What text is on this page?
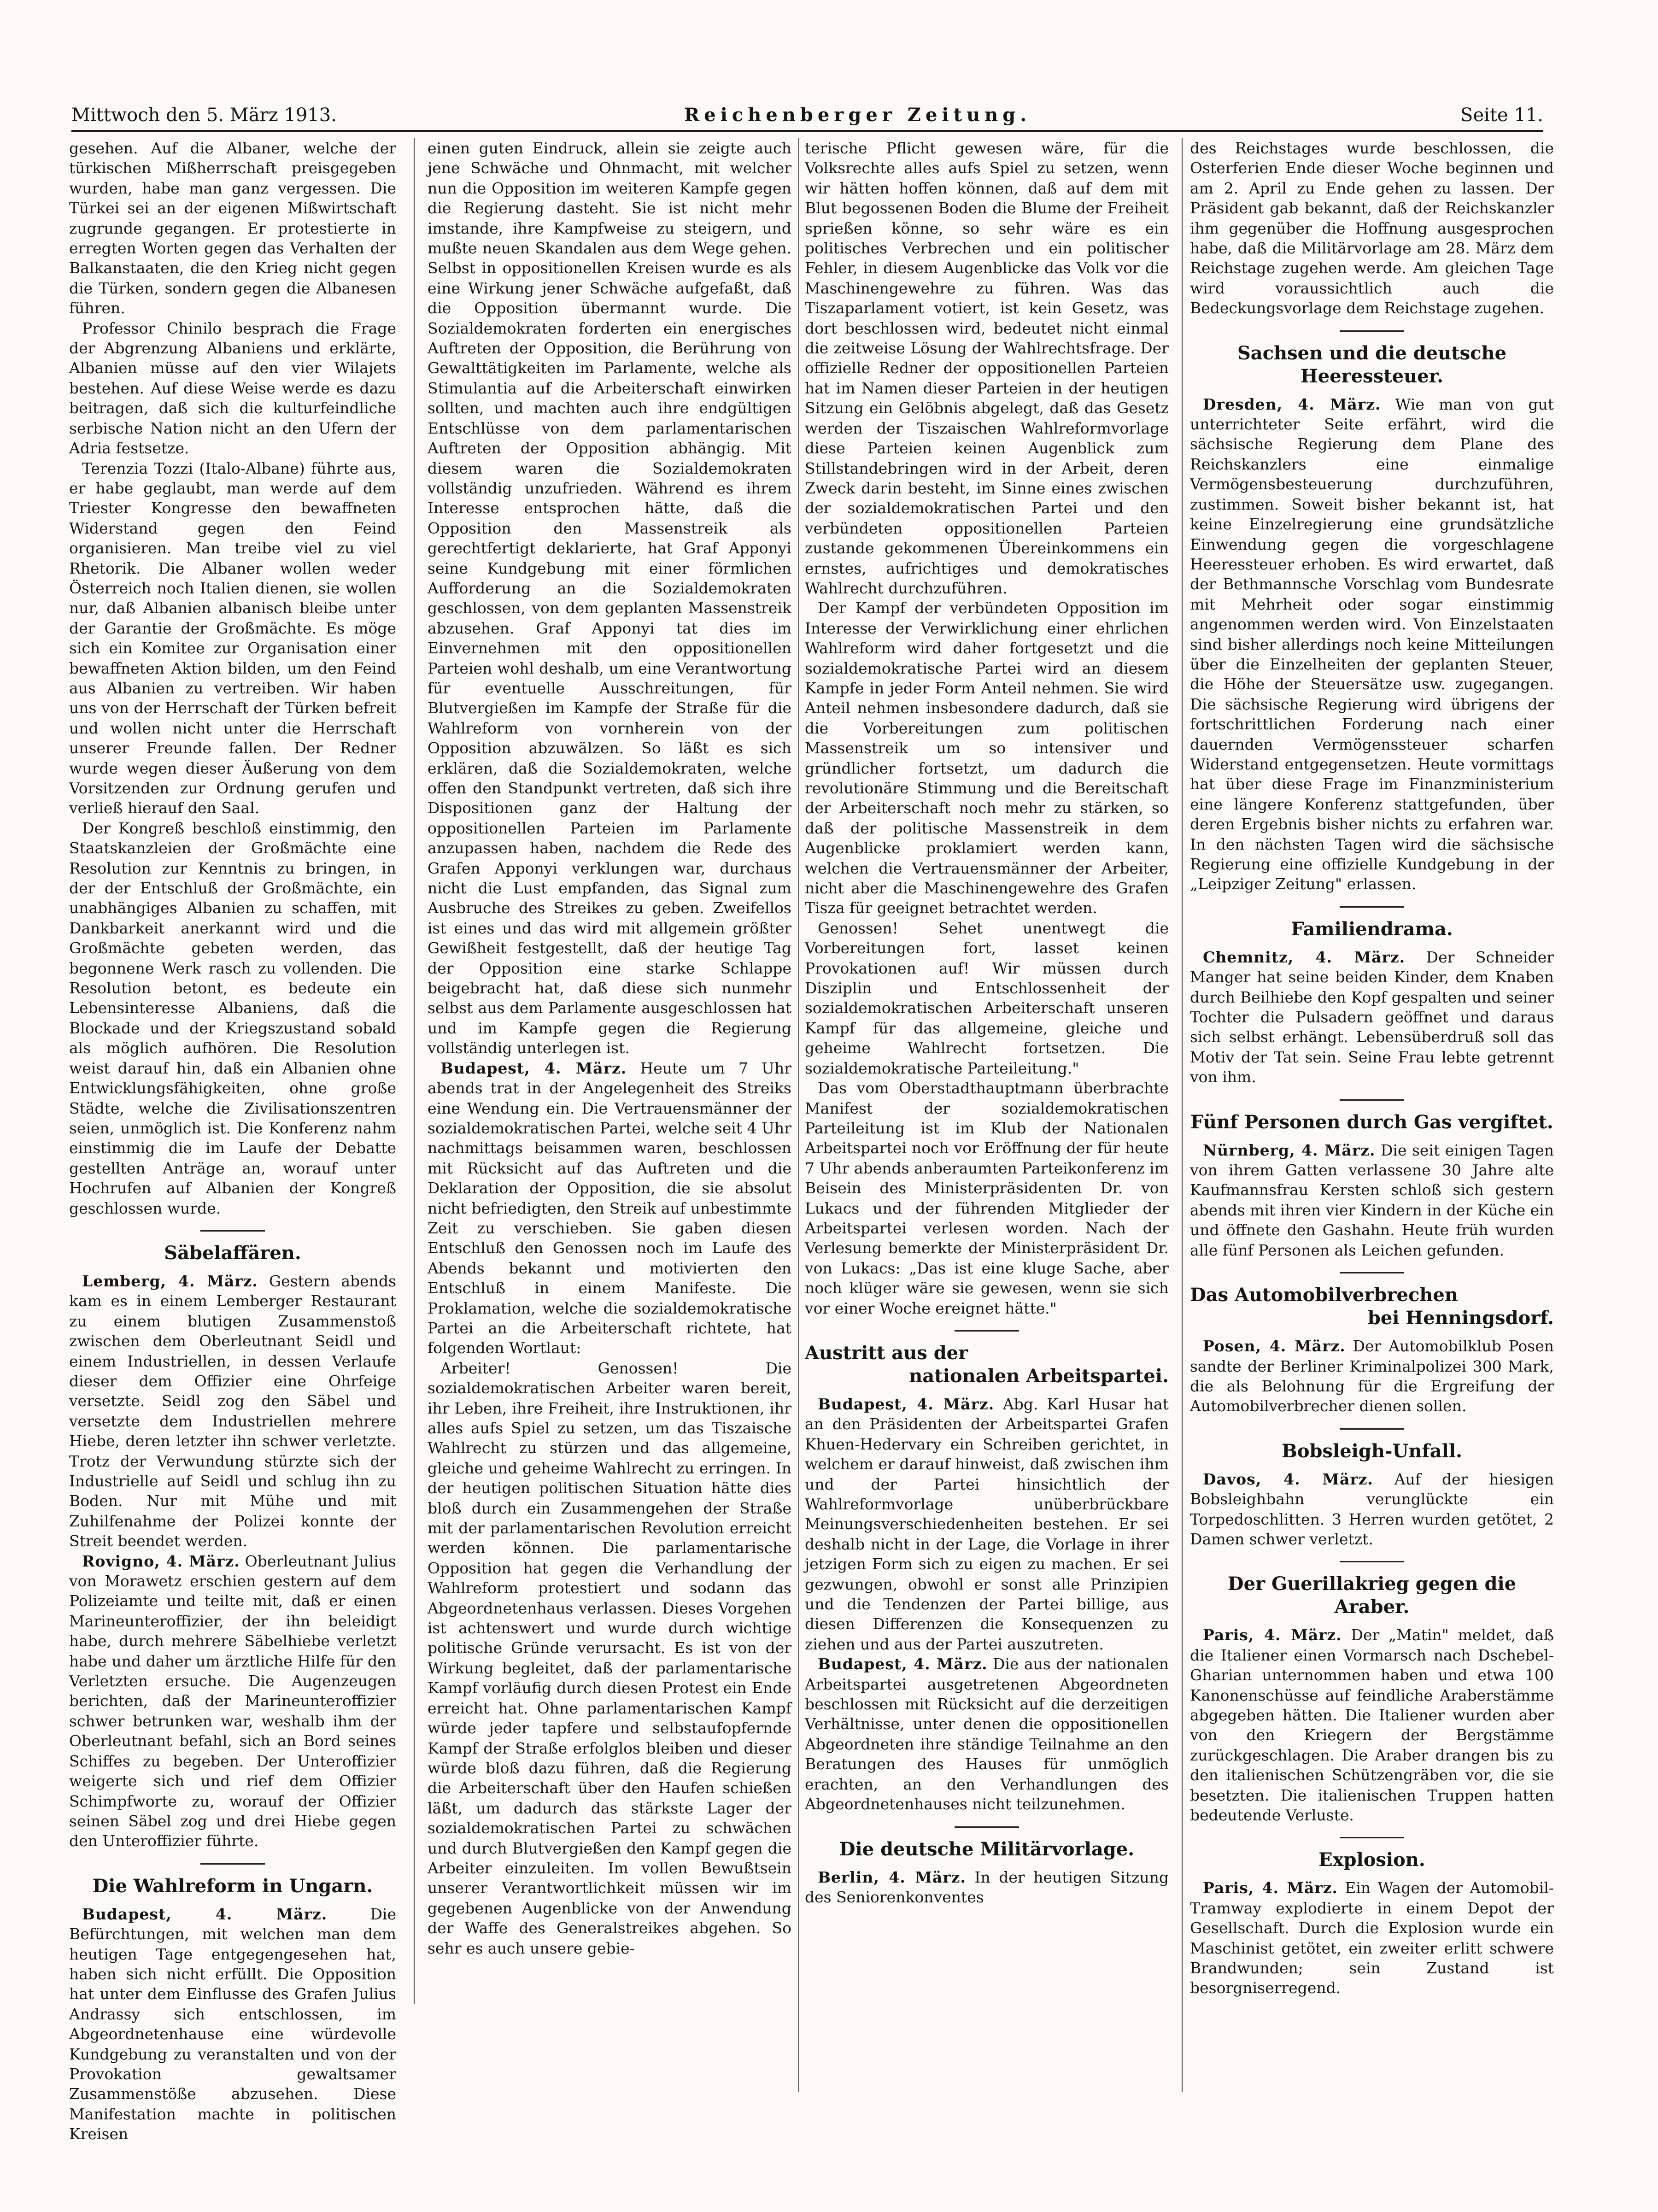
Mittwoch den 5. März 1913.	Reichenberger Zeitung.	Seite 11.

gesehen. Auf die Albaner, welche der türkischen Mißherrschaft preisgegeben wurden, habe man ganz vergessen. Die Türkei sei an der eigenen Mißwirtschaft zugrunde gegangen. Er protestierte in erregten Worten gegen das Verhalten der Balkanstaaten, die den Krieg nicht gegen die Türken, sondern gegen die Albanesen führen.

Professor Chinilo besprach die Frage der Abgrenzung Albaniens und erklärte, Albanien müsse auf den vier Wilajets bestehen. Auf diese Weise werde es dazu beitragen, daß sich die kulturfeindliche serbische Nation nicht an den Ufern der Adria festsetze.

Terenzia Tozzi (Italo-Albane) führte aus, er habe geglaubt, man werde auf dem Triester Kongresse den bewaffneten Widerstand gegen den Feind organisieren. Man treibe viel zu viel Rhetorik. Die Albaner wollen weder Österreich noch Italien dienen, sie wollen nur, daß Albanien albanisch bleibe unter der Garantie der Großmächte. Es möge sich ein Komitee zur Organisation einer bewaffneten Aktion bilden, um den Feind aus Albanien zu vertreiben. Wir haben uns von der Herrschaft der Türken befreit und wollen nicht unter die Herrschaft unserer Freunde fallen. Der Redner wurde wegen dieser Äußerung von dem Vorsitzenden zur Ordnung gerufen und verließ hierauf den Saal.

Der Kongreß beschloß einstimmig, den Staatskanzleien der Großmächte eine Resolution zur Kenntnis zu bringen, in der der Entschluß der Großmächte, ein unabhängiges Albanien zu schaffen, mit Dankbarkeit anerkannt wird und die Großmächte gebeten werden, das begonnene Werk rasch zu vollenden. Die Resolution betont, es bedeute ein Lebensinteresse Albaniens, daß die Blockade und der Kriegszustand sobald als möglich aufhören. Die Resolution weist darauf hin, daß ein Albanien ohne Entwicklungsfähigkeiten, ohne große Städte, welche die Zivilisationszentren seien, unmöglich ist. Die Konferenz nahm einstimmig die im Laufe der Debatte gestellten Anträge an, worauf unter Hochrufen auf Albanien der Kongreß geschlossen wurde.

Säbelaffären.

Lemberg, 4. März. Gestern abends kam es in einem Lemberger Restaurant zu einem blutigen Zusammenstoß zwischen dem Oberleutnant Seidl und einem Industriellen, in dessen Verlaufe dieser dem Offizier eine Ohrfeige versetzte. Seidl zog den Säbel und versetzte dem Industriellen mehrere Hiebe, deren letzter ihn schwer verletzte. Trotz der Verwundung stürzte sich der Industrielle auf Seidl und schlug ihn zu Boden. Nur mit Mühe und mit Zuhilfenahme der Polizei konnte der Streit beendet werden.

Rovigno, 4. März. Oberleutnant Julius von Morawetz erschien gestern auf dem Polizeiamte und teilte mit, daß er einen Marineunteroffizier, der ihn beleidigt habe, durch mehrere Säbelhiebe verletzt habe und daher um ärztliche Hilfe für den Verletzten ersuche. Die Augenzeugen berichten, daß der Marineunteroffizier schwer betrunken war, weshalb ihm der Oberleutnant befahl, sich an Bord seines Schiffes zu begeben. Der Unteroffizier weigerte sich und rief dem Offizier Schimpfworte zu, worauf der Offizier seinen Säbel zog und drei Hiebe gegen den Unteroffizier führte.

Die Wahlreform in Ungarn.

Budapest, 4. März. Die Befürchtungen, mit welchen man dem heutigen Tage entgegengesehen hat, haben sich nicht erfüllt. Die Opposition hat unter dem Einflusse des Grafen Julius Andrassy sich entschlossen, im Abgeordnetenhause eine würdevolle Kundgebung zu veranstalten und von der Provokation gewaltsamer Zusammenstöße abzusehen. Diese Manifestation machte in politischen Kreisen

einen guten Eindruck, allein sie zeigte auch jene Schwäche und Ohnmacht, mit welcher nun die Opposition im weiteren Kampfe gegen die Regierung dasteht. Sie ist nicht mehr imstande, ihre Kampfweise zu steigern, und mußte neuen Skandalen aus dem Wege gehen. Selbst in oppositionellen Kreisen wurde es als eine Wirkung jener Schwäche aufgefaßt, daß die Opposition übermannt wurde. Die Sozialdemokraten forderten ein energisches Auftreten der Opposition, die Berührung von Gewalttätigkeiten im Parlamente, welche als Stimulantia auf die Arbeiterschaft einwirken sollten, und machten auch ihre endgültigen Entschlüsse von dem parlamentarischen Auftreten der Opposition abhängig. Mit diesem waren die Sozialdemokraten vollständig unzufrieden. Während es ihrem Interesse entsprochen hätte, daß die Opposition den Massenstreik als gerechtfertigt deklarierte, hat Graf Apponyi seine Kundgebung mit einer förmlichen Aufforderung an die Sozialdemokraten geschlossen, von dem geplanten Massenstreik abzusehen. Graf Apponyi tat dies im Einvernehmen mit den oppositionellen Parteien wohl deshalb, um eine Verantwortung für eventuelle Ausschreitungen, für Blutvergießen im Kampfe der Straße für die Wahlreform von vornherein von der Opposition abzuwälzen. So läßt es sich erklären, daß die Sozialdemokraten, welche offen den Standpunkt vertreten, daß sich ihre Dispositionen ganz der Haltung der oppositionellen Parteien im Parlamente anzupassen haben, nachdem die Rede des Grafen Apponyi verklungen war, durchaus nicht die Lust empfanden, das Signal zum Ausbruche des Streikes zu geben. Zweifellos ist eines und das wird mit allgemein größter Gewißheit festgestellt, daß der heutige Tag der Opposition eine starke Schlappe beigebracht hat, daß diese sich nunmehr selbst aus dem Parlamente ausgeschlossen hat und im Kampfe gegen die Regierung vollständig unterlegen ist.

Budapest, 4. März. Heute um 7 Uhr abends trat in der Angelegenheit des Streiks eine Wendung ein. Die Vertrauensmänner der sozialdemokratischen Partei, welche seit 4 Uhr nachmittags beisammen waren, beschlossen mit Rücksicht auf das Auftreten und die Deklaration der Opposition, die sie absolut nicht befriedigten, den Streik auf unbestimmte Zeit zu verschieben. Sie gaben diesen Entschluß den Genossen noch im Laufe des Abends bekannt und motivierten den Entschluß in einem Manifeste. Die Proklamation, welche die sozialdemokratische Partei an die Arbeiterschaft richtete, hat folgenden Wortlaut:

Arbeiter! Genossen! Die sozialdemokratischen Arbeiter waren bereit, ihr Leben, ihre Freiheit, ihre Instruktionen, ihr alles aufs Spiel zu setzen, um das Tiszaische Wahlrecht zu stürzen und das allgemeine, gleiche und geheime Wahlrecht zu erringen. In der heutigen politischen Situation hätte dies bloß durch ein Zusammengehen der Straße mit der parlamentarischen Revolution erreicht werden können. Die parlamentarische Opposition hat gegen die Verhandlung der Wahlreform protestiert und sodann das Abgeordnetenhaus verlassen. Dieses Vorgehen ist achtenswert und wurde durch wichtige politische Gründe verursacht. Es ist von der Wirkung begleitet, daß der parlamentarische Kampf vorläufig durch diesen Protest ein Ende erreicht hat. Ohne parlamentarischen Kampf würde jeder tapfere und selbstaufopfernde Kampf der Straße erfolglos bleiben und dieser würde bloß dazu führen, daß die Regierung die Arbeiterschaft über den Haufen schießen läßt, um dadurch das stärkste Lager der sozialdemokratischen Partei zu schwächen und durch Blutvergießen den Kampf gegen die Arbeiter einzuleiten. Im vollen Bewußtsein unserer Verantwortlichkeit müssen wir im gegebenen Augenblicke von der Anwendung der Waffe des Generalstreikes abgehen. So sehr es auch unsere gebie-

terische Pflicht gewesen wäre, für die Volksrechte alles aufs Spiel zu setzen, wenn wir hätten hoffen können, daß auf dem mit Blut begossenen Boden die Blume der Freiheit sprießen könne, so sehr wäre es ein politisches Verbrechen und ein politischer Fehler, in diesem Augenblicke das Volk vor die Maschinengewehre zu führen. Was das Tiszaparlament votiert, ist kein Gesetz, was dort beschlossen wird, bedeutet nicht einmal die zeitweise Lösung der Wahlrechtsfrage. Der offizielle Redner der oppositionellen Parteien hat im Namen dieser Parteien in der heutigen Sitzung ein Gelöbnis abgelegt, daß das Gesetz werden der Tiszaischen Wahlreformvorlage diese Parteien keinen Augenblick zum Stillstandebringen wird in der Arbeit, deren Zweck darin besteht, im Sinne eines zwischen der sozialdemokratischen Partei und den verbündeten oppositionellen Parteien zustande gekommenen Übereinkommens ein ernstes, aufrichtiges und demokratisches Wahlrecht durchzuführen.

Der Kampf der verbündeten Opposition im Interesse der Verwirklichung einer ehrlichen Wahlreform wird daher fortgesetzt und die sozialdemokratische Partei wird an diesem Kampfe in jeder Form Anteil nehmen. Sie wird Anteil nehmen insbesondere dadurch, daß sie die Vorbereitungen zum politischen Massenstreik um so intensiver und gründlicher fortsetzt, um dadurch die revolutionäre Stimmung und die Bereitschaft der Arbeiterschaft noch mehr zu stärken, so daß der politische Massenstreik in dem Augenblicke proklamiert werden kann, welchen die Vertrauensmänner der Arbeiter, nicht aber die Maschinengewehre des Grafen Tisza für geeignet betrachtet werden.

Genossen! Sehet unentwegt die Vorbereitungen fort, lasset keinen Provokationen auf! Wir müssen durch Disziplin und Entschlossenheit der sozialdemokratischen Arbeiterschaft unseren Kampf für das allgemeine, gleiche und geheime Wahlrecht fortsetzen. Die sozialdemokratische Parteileitung."

Das vom Oberstadthauptmann überbrachte Manifest der sozialdemokratischen Parteileitung ist im Klub der Nationalen Arbeitspartei noch vor Eröffnung der für heute 7 Uhr abends anberaumten Parteikonferenz im Beisein des Ministerpräsidenten Dr. von Lukacs und der führenden Mitglieder der Arbeitspartei verlesen worden. Nach der Verlesung bemerkte der Ministerpräsident Dr. von Lukacs: „Das ist eine kluge Sache, aber noch klüger wäre sie gewesen, wenn sie sich vor einer Woche ereignet hätte."

Austritt aus der
nationalen Arbeitspartei.

Budapest, 4. März. Abg. Karl Husar hat an den Präsidenten der Arbeitspartei Grafen Khuen-Hedervary ein Schreiben gerichtet, in welchem er darauf hinweist, daß zwischen ihm und der Partei hinsichtlich der Wahlreformvorlage unüberbrückbare Meinungsverschiedenheiten bestehen. Er sei deshalb nicht in der Lage, die Vorlage in ihrer jetzigen Form sich zu eigen zu machen. Er sei gezwungen, obwohl er sonst alle Prinzipien und die Tendenzen der Partei billige, aus diesen Differenzen die Konsequenzen zu ziehen und aus der Partei auszutreten.

Budapest, 4. März. Die aus der nationalen Arbeitspartei ausgetretenen Abgeordneten beschlossen mit Rücksicht auf die derzeitigen Verhältnisse, unter denen die oppositionellen Abgeordneten ihre ständige Teilnahme an den Beratungen des Hauses für unmöglich erachten, an den Verhandlungen des Abgeordnetenhauses nicht teilzunehmen.

Die deutsche Militärvorlage.

Berlin, 4. März. In der heutigen Sitzung des Seniorenkonventes

des Reichstages wurde beschlossen, die Osterferien Ende dieser Woche beginnen und am 2. April zu Ende gehen zu lassen. Der Präsident gab bekannt, daß der Reichskanzler ihm gegenüber die Hoffnung ausgesprochen habe, daß die Militärvorlage am 28. März dem Reichstage zugehen werde. Am gleichen Tage wird voraussichtlich auch die Bedeckungsvorlage dem Reichstage zugehen.

Sachsen und die deutsche Heeressteuer.

Dresden, 4. März. Wie man von gut unterrichteter Seite erfährt, wird die sächsische Regierung dem Plane des Reichskanzlers eine einmalige Vermögensbesteuerung durchzuführen, zustimmen. Soweit bisher bekannt ist, hat keine Einzelregierung eine grundsätzliche Einwendung gegen die vorgeschlagene Heeressteuer erhoben. Es wird erwartet, daß der Bethmannsche Vorschlag vom Bundesrate mit Mehrheit oder sogar einstimmig angenommen werden wird. Von Einzelstaaten sind bisher allerdings noch keine Mitteilungen über die Einzelheiten der geplanten Steuer, die Höhe der Steuersätze usw. zugegangen. Die sächsische Regierung wird übrigens der fortschrittlichen Forderung nach einer dauernden Vermögenssteuer scharfen Widerstand entgegensetzen. Heute vormittags hat über diese Frage im Finanzministerium eine längere Konferenz stattgefunden, über deren Ergebnis bisher nichts zu erfahren war. In den nächsten Tagen wird die sächsische Regierung eine offizielle Kundgebung in der „Leipziger Zeitung" erlassen.

Familiendrama.

Chemnitz, 4. März. Der Schneider Manger hat seine beiden Kinder, dem Knaben durch Beilhiebe den Kopf gespalten und seiner Tochter die Pulsadern geöffnet und daraus sich selbst erhängt. Lebensüberdruß soll das Motiv der Tat sein. Seine Frau lebte getrennt von ihm.

Fünf Personen durch Gas vergiftet.

Nürnberg, 4. März. Die seit einigen Tagen von ihrem Gatten verlassene 30 Jahre alte Kaufmannsfrau Kersten schloß sich gestern abends mit ihren vier Kindern in der Küche ein und öffnete den Gashahn. Heute früh wurden alle fünf Personen als Leichen gefunden.

Das Automobilverbrechen
bei Henningsdorf.

Posen, 4. März. Der Automobilklub Posen sandte der Berliner Kriminalpolizei 300 Mark, die als Belohnung für die Ergreifung der Automobilverbrecher dienen sollen.

Bobsleigh-Unfall.

Davos, 4. März. Auf der hiesigen Bobsleighbahn verunglückte ein Torpedoschlitten. 3 Herren wurden getötet, 2 Damen schwer verletzt.

Der Guerillakrieg gegen die Araber.

Paris, 4. März. Der „Matin" meldet, daß die Italiener einen Vormarsch nach Dschebel-Gharian unternommen haben und etwa 100 Kanonenschüsse auf feindliche Araberstämme abgegeben hätten. Die Italiener wurden aber von den Kriegern der Bergstämme zurückgeschlagen. Die Araber drangen bis zu den italienischen Schützengräben vor, die sie besetzten. Die italienischen Truppen hatten bedeutende Verluste.

Explosion.

Paris, 4. März. Ein Wagen der Automobil-Tramway explodierte in einem Depot der Gesellschaft. Durch die Explosion wurde ein Maschinist getötet, ein zweiter erlitt schwere Brandwunden; sein Zustand ist besorgniserregend.
